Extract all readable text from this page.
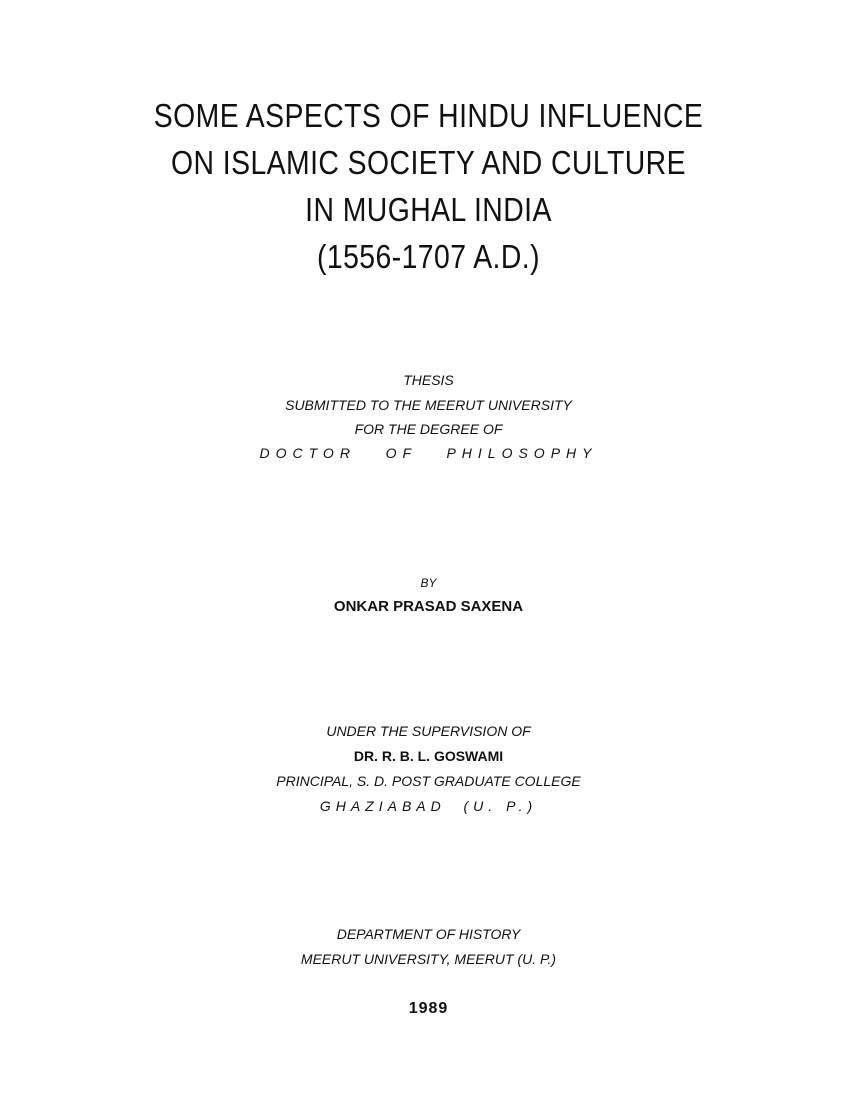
SOME ASPECTS OF HINDU INFLUENCE
ON ISLAMIC SOCIETY AND CULTURE
IN MUGHAL INDIA
(1556-1707 A.D.)
THESIS
SUBMITTED TO THE MEERUT UNIVERSITY
FOR THE DEGREE OF
DOCTOR   OF   PHILOSOPHY
BY
ONKAR PRASAD SAXENA
UNDER THE SUPERVISION OF
DR. R. B. L. GOSWAMI
PRINCIPAL, S. D. POST GRADUATE COLLEGE
GHAZIABAD  (U. P.)
DEPARTMENT OF HISTORY
MEERUT UNIVERSITY, MEERUT (U. P.)
1989
